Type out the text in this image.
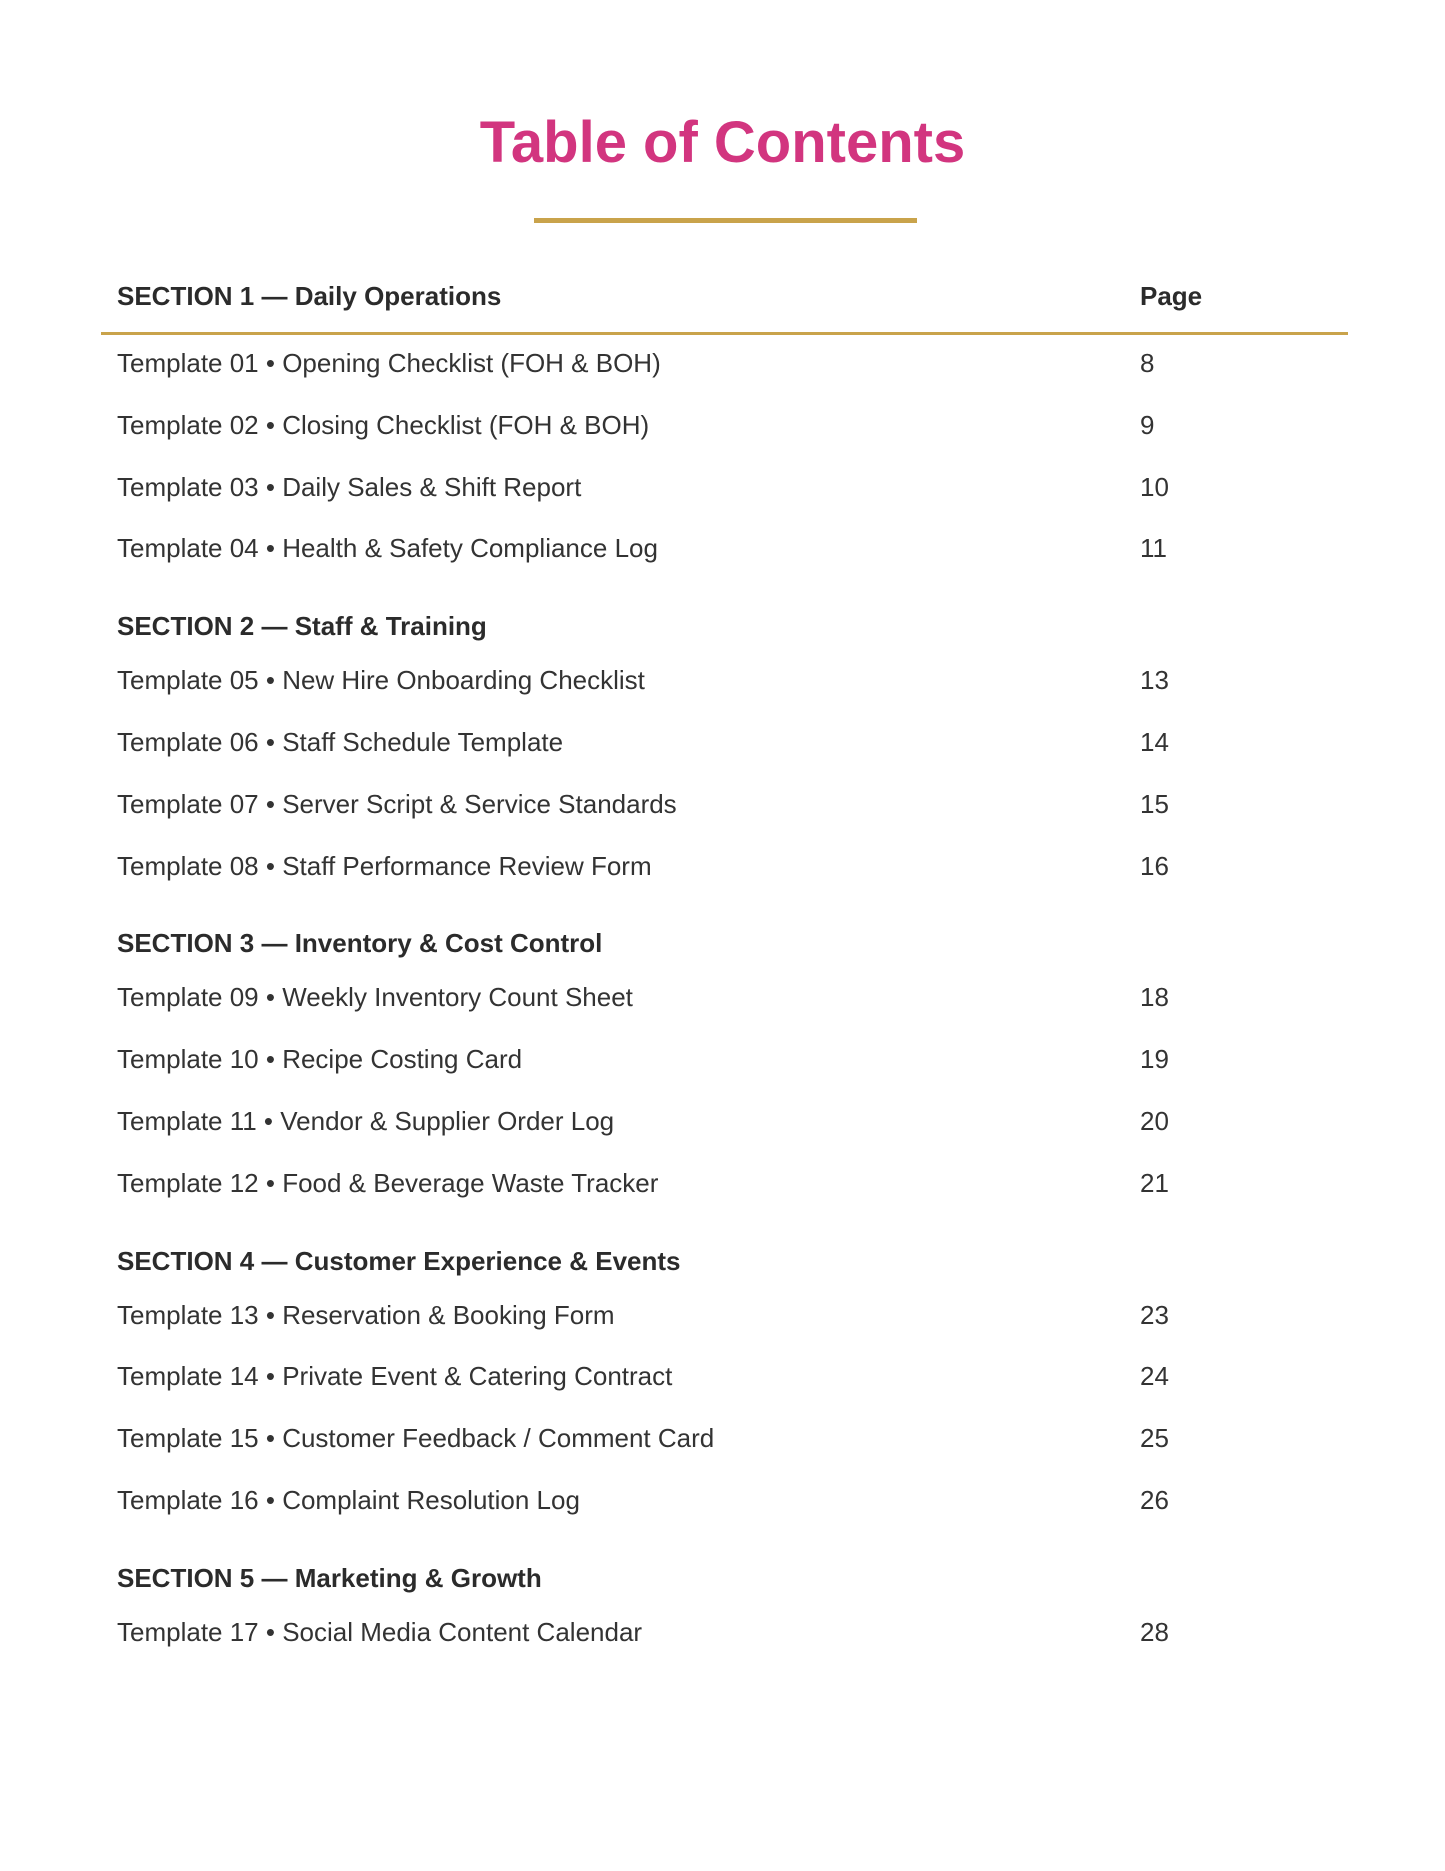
Table of Contents
SECTION 1 — Daily Operations	Page
Template 01 • Opening Checklist (FOH & BOH)	8
Template 02 • Closing Checklist (FOH & BOH)	9
Template 03 • Daily Sales & Shift Report	10
Template 04 • Health & Safety Compliance Log	11
SECTION 2 — Staff & Training
Template 05 • New Hire Onboarding Checklist	13
Template 06 • Staff Schedule Template	14
Template 07 • Server Script & Service Standards	15
Template 08 • Staff Performance Review Form	16
SECTION 3 — Inventory & Cost Control
Template 09 • Weekly Inventory Count Sheet	18
Template 10 • Recipe Costing Card	19
Template 11 • Vendor & Supplier Order Log	20
Template 12 • Food & Beverage Waste Tracker	21
SECTION 4 — Customer Experience & Events
Template 13 • Reservation & Booking Form	23
Template 14 • Private Event & Catering Contract	24
Template 15 • Customer Feedback / Comment Card	25
Template 16 • Complaint Resolution Log	26
SECTION 5 — Marketing & Growth
Template 17 • Social Media Content Calendar	28
